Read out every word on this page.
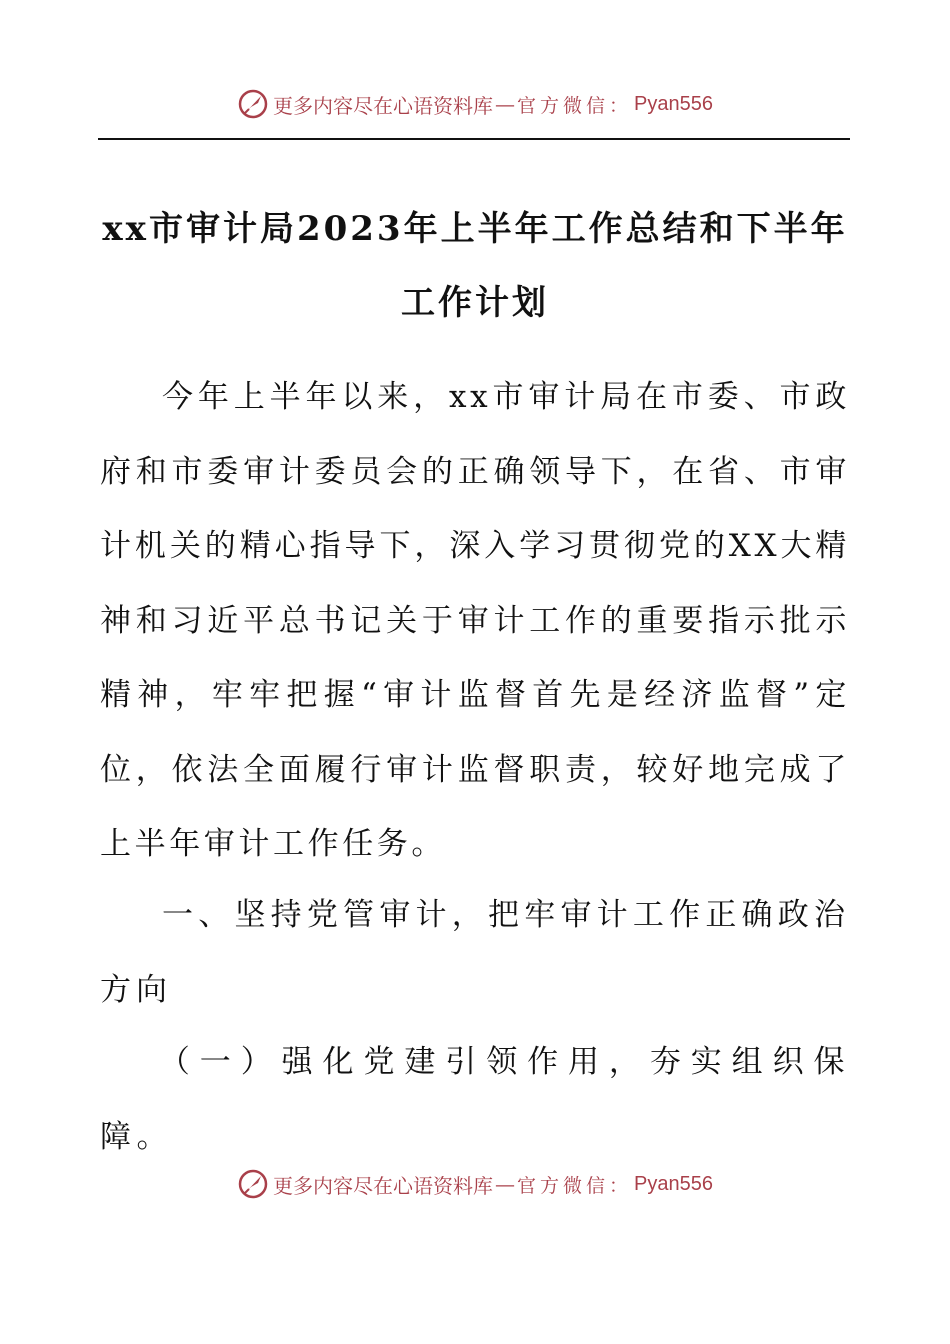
更多内容尽在心语资料库 — 官方微信： Pyan556
xx市审计局2023年上半年工作总结和下半年工作计划

今年上半年以来，xx市审计局在市委、市政府和市委审计委员会的正确领导下，在省、市审计机关的精心指导下，深入学习贯彻党的XX大精神和习近平总书记关于审计工作的重要指示批示精神，牢牢把握“审计监督首先是经济监督”定位，依法全面履行审计监督职责，较好地完成了上半年审计工作任务。

一、坚持党管审计，把牢审计工作正确政治方向

（一）强化党建引领作用，夯实组织保障。

更多内容尽在心语资料库 — 官方微信： Pyan556
